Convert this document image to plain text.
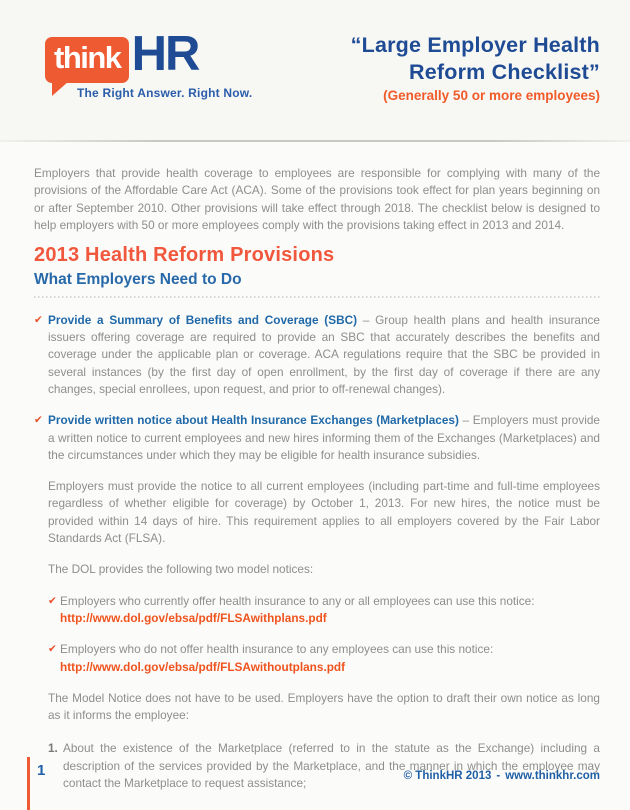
think HR
The Right Answer. Right Now.
“Large Employer Health
Reform Checklist”
(Generally 50 or more employees)

Employers that provide health coverage to employees are responsible for complying with many of the provisions of the Affordable Care Act (ACA). Some of the provisions took effect for plan years beginning on or after September 2010. Other provisions will take effect through 2018. The checklist below is designed to help employers with 50 or more employees comply with the provisions taking effect in 2013 and 2014.

2013 Health Reform Provisions
What Employers Need to Do
✔ Provide a Summary of Benefits and Coverage (SBC) – Group health plans and health insurance issuers offering coverage are required to provide an SBC that accurately describes the benefits and coverage under the applicable plan or coverage. ACA regulations require that the SBC be provided in several instances (by the first day of open enrollment, by the first day of coverage if there are any changes, special enrollees, upon request, and prior to off-renewal changes).
✔ Provide written notice about Health Insurance Exchanges (Marketplaces) – Employers must provide a written notice to current employees and new hires informing them of the Exchanges (Marketplaces) and the circumstances under which they may be eligible for health insurance subsidies.

Employers must provide the notice to all current employees (including part-time and full-time employees regardless of whether eligible for coverage) by October 1, 2013. For new hires, the notice must be provided within 14 days of hire. This requirement applies to all employers covered by the Fair Labor Standards Act (FLSA).

The DOL provides the following two model notices:

✔ Employers who currently offer health insurance to any or all employees can use this notice:
http://www.dol.gov/ebsa/pdf/FLSAwithplans.pdf
✔ Employers who do not offer health insurance to any employees can use this notice:
http://www.dol.gov/ebsa/pdf/FLSAwithoutplans.pdf

The Model Notice does not have to be used. Employers have the option to draft their own notice as long as it informs the employee:

1. About the existence of the Marketplace (referred to in the statute as the Exchange) including a description of the services provided by the Marketplace, and the manner in which the employee may contact the Marketplace to request assistance;
1	© ThinkHR 2013 - www.thinkhr.com
